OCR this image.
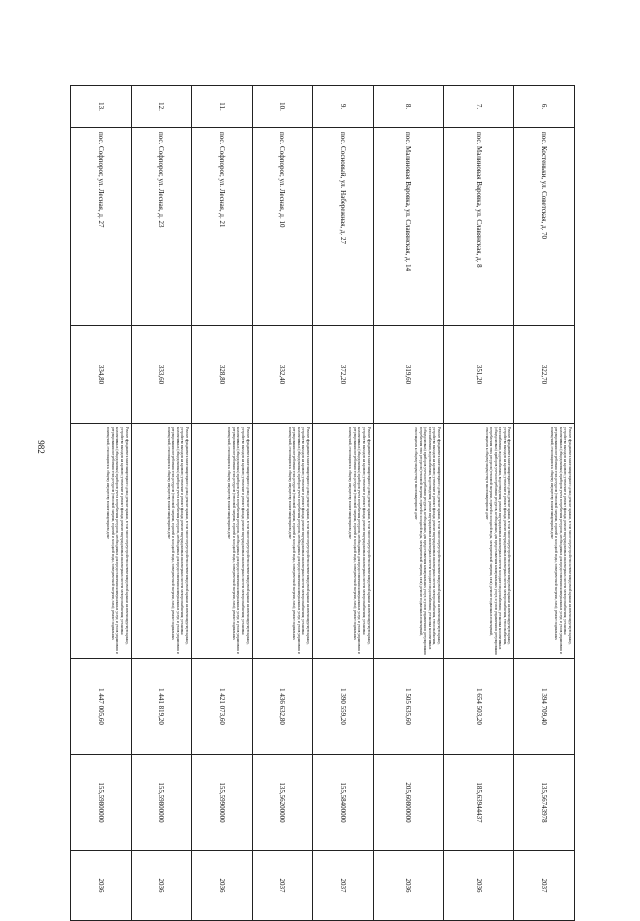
982
6.	пос. Костеньки, ул. Советская, д. 70	322,70	Ремонт фундамента многоквартирного дома; ремонт крыши, в том числе переустройство невентилируемой крыши на вентилируемую крышу, устройство выходов на кровлю; утепление и ремонт фасада; ремонт внутридомовых инженерных систем электроснабжения; установка коллективных (общедомовых) приборов учета потребления ресурсов, необходимых для предоставления коммунальных услуг, и узлов управления и регулирования потребления этих ресурсов (тепловой энергии, горячей и холодной воды, электрической энергии, газа); ремонт подвальных помещений, относящихся к общему имуществу в многоквартирном доме	1 394 709,40	135,56743978	2037
7.	пос. Малиновая Варовка, ул. Славянская, д. 8	351,20	Ремонт фундамента многоквартирного дома; ремонт крыши, в том числе переустройство невентилируемой крыши на вентилируемую крышу, устройство выходов на кровлю; утепление и ремонт фасада; ремонт внутридомовых инженерных систем электроснабжения, теплоснабжения, газоснабжения, водоснабжения, водоотведения; ремонт внутридомовых инженерных систем холодного водоснабжения; установка коллективных (общедомовых) приборов учета потребления ресурсов, необходимых для предоставления коммунальных услуг, и узлов управления и регулирования потребления этих ресурсов (тепловой энергии, горячей и холодной воды, электрической энергии, газа); ремонт подвальных помещений, относящихся к общему имуществу в многоквартирном доме	1 654 503,20	185,63944437	2036
8.	пос. Малиновая Варовка, ул. Славянская, д. 14	319,60	Ремонт фундамента многоквартирного дома; ремонт крыши, в том числе переустройство невентилируемой крыши на вентилируемую крышу, устройство выходов на кровлю; утепление и ремонт фасада; ремонт внутридомовых инженерных систем электроснабжения, теплоснабжения, газоснабжения, водоснабжения, водоотведения; ремонт внутридомовых инженерных систем холодного водоснабжения; установка коллективных (общедомовых) приборов учета потребления ресурсов, необходимых для предоставления коммунальных услуг, и узлов управления и регулирования потребления этих ресурсов (тепловой энергии, горячей и холодной воды, электрической энергии, газа); ремонт подвальных помещений, относящихся к общему имуществу в многоквартирном доме	1 505 635,60	205,60800000	2036
9.	пос. Сосновый, ул. Набережная, д. 27	372,20	Ремонт фундамента многоквартирного дома; ремонт крыши, в том числе переустройство невентилируемой крыши на вентилируемую крышу, устройство выходов на кровлю; утепление и ремонт фасада; ремонт внутридомовых инженерных систем электроснабжения; установка коллективных (общедомовых) приборов учета потребления ресурсов, необходимых для предоставления коммунальных услуг, и узлов управления и регулирования потребления этих ресурсов (тепловой энергии, горячей и холодной воды, электрической энергии, газа); ремонт подвальных помещений, относящихся к общему имуществу в многоквартирном доме	1 390 559,20	155,58400000	2037
10.	пос. Софпорог, ул. Лесная, д. 10	332,40	Ремонт фундамента многоквартирного дома; ремонт крыши, в том числе переустройство невентилируемой крыши на вентилируемую крышу, устройство выходов на кровлю; утепление и ремонт фасада; ремонт внутридомовых инженерных систем электроснабжения; установка коллективных (общедомовых) приборов учета потребления ресурсов, необходимых для предоставления коммунальных услуг, и узлов управления и регулирования потребления этих ресурсов (тепловой энергии, горячей и холодной воды, электрической энергии, газа); ремонт подвальных помещений, относящихся к общему имуществу в многоквартирном доме	1 436 632,80	135,56200000	2037
11.	пос. Софпорог, ул. Лесная, д. 21	328,80	Ремонт фундамента многоквартирного дома; ремонт крыши, в том числе переустройство невентилируемой крыши на вентилируемую крышу, устройство выходов на кровлю; утепление и ремонт фасада; ремонт внутридомовых инженерных систем электроснабжения; установка коллективных (общедомовых) приборов учета потребления ресурсов, необходимых для предоставления коммунальных услуг, и узлов управления и регулирования потребления этих ресурсов (тепловой энергии, горячей и холодной воды, электрической энергии, газа); ремонт подвальных помещений, относящихся к общему имуществу в многоквартирном доме	1 421 073,60	155,59900000	2036
12.	пос. Софпорог, ул. Лесная, д. 23	333,60	Ремонт фундамента многоквартирного дома; ремонт крыши, в том числе переустройство невентилируемой крыши на вентилируемую крышу, устройство выходов на кровлю; утепление и ремонт фасада; ремонт внутридомовых инженерных систем электроснабжения; установка коллективных (общедомовых) приборов учета потребления ресурсов, необходимых для предоставления коммунальных услуг, и узлов управления и регулирования потребления этих ресурсов (тепловой энергии, горячей и холодной воды, электрической энергии, газа); ремонт подвальных помещений, относящихся к общему имуществу в многоквартирном доме	1 441 819,20	155,59800000	2036
13.	пос. Софпорог, ул. Лесная, д. 27	334,80	Ремонт фундамента многоквартирного дома; ремонт крыши, в том числе переустройство невентилируемой крыши на вентилируемую крышу, устройство выходов на кровлю; утепление и ремонт фасада; ремонт внутридомовых инженерных систем электроснабжения; установка коллективных (общедомовых) приборов учета потребления ресурсов, необходимых для предоставления коммунальных услуг, и узлов управления и регулирования потребления этих ресурсов (тепловой энергии, горячей и холодной воды, электрической энергии, газа); ремонт подвальных помещений, относящихся к общему имуществу в многоквартирном доме	1 447 005,60	155,59800000	2036
